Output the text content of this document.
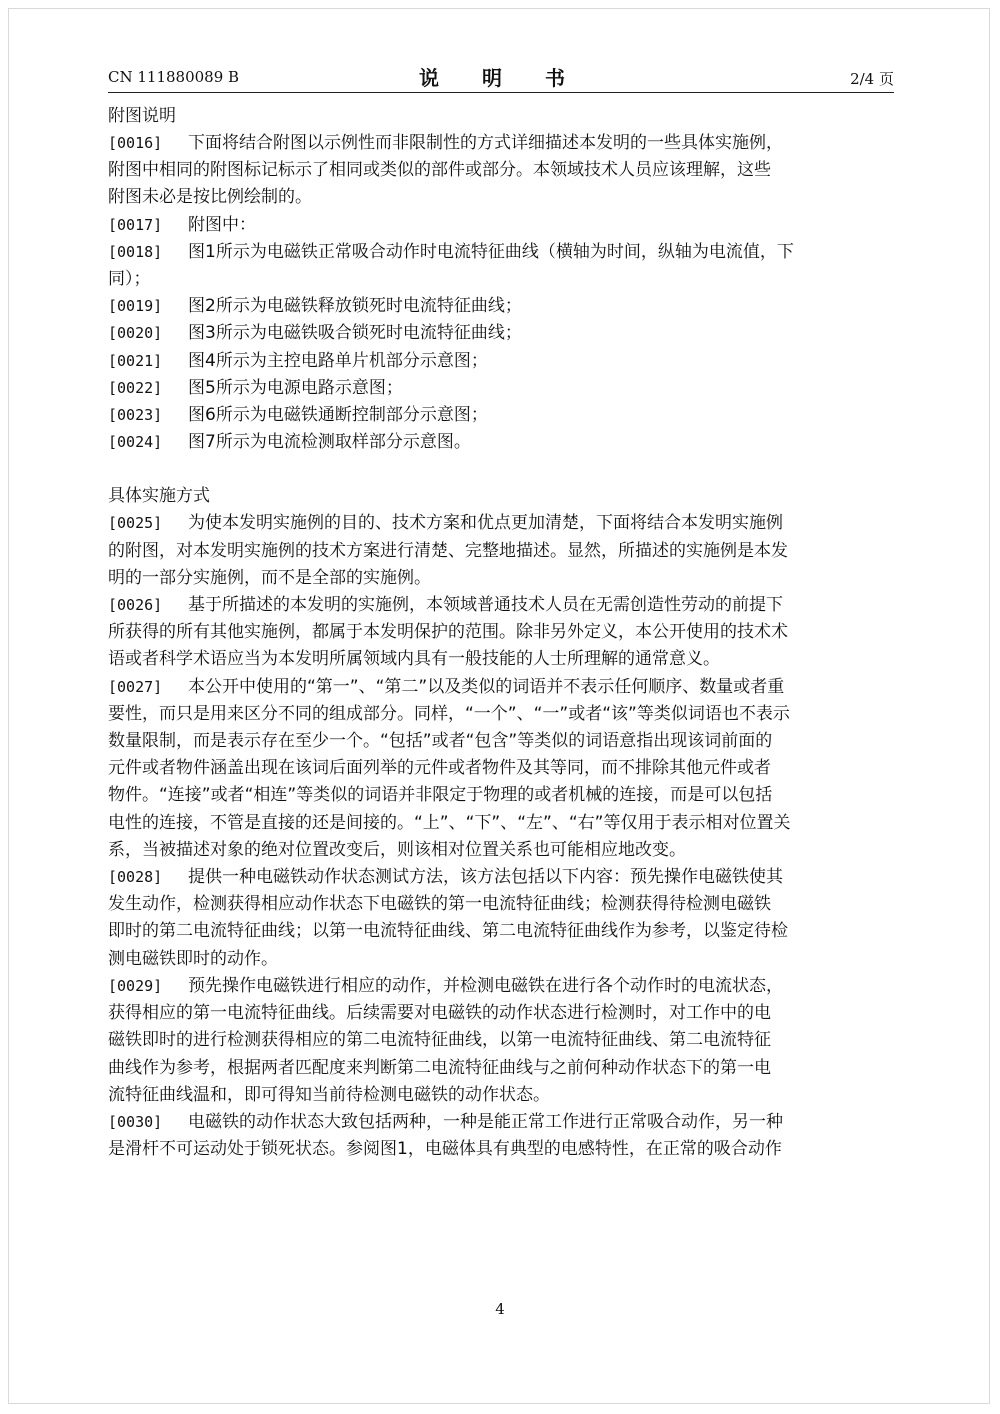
CN 111880089 B	说 明 书	2/4 页
附图说明
[0016]	下面将结合附图以示例性而非限制性的方式详细描述本发明的一些具体实施例，
附图中相同的附图标记标示了相同或类似的部件或部分。本领域技术人员应该理解，这些
附图未必是按比例绘制的。
[0017]	附图中：
[0018]	图1所示为电磁铁正常吸合动作时电流特征曲线（横轴为时间，纵轴为电流值，下
同）；
[0019]	图2所示为电磁铁释放锁死时电流特征曲线；
[0020]	图3所示为电磁铁吸合锁死时电流特征曲线；
[0021]	图4所示为主控电路单片机部分示意图；
[0022]	图5所示为电源电路示意图；
[0023]	图6所示为电磁铁通断控制部分示意图；
[0024]	图7所示为电流检测取样部分示意图。
具体实施方式
[0025]	为使本发明实施例的目的、技术方案和优点更加清楚，下面将结合本发明实施例
的附图，对本发明实施例的技术方案进行清楚、完整地描述。显然，所描述的实施例是本发
明的一部分实施例，而不是全部的实施例。
[0026]	基于所描述的本发明的实施例，本领域普通技术人员在无需创造性劳动的前提下
所获得的所有其他实施例，都属于本发明保护的范围。除非另外定义，本公开使用的技术术
语或者科学术语应当为本发明所属领域内具有一般技能的人士所理解的通常意义。
[0027]	本公开中使用的“第一”、“第二”以及类似的词语并不表示任何顺序、数量或者重
要性，而只是用来区分不同的组成部分。同样，“一个”、“一”或者“该”等类似词语也不表示
数量限制，而是表示存在至少一个。“包括”或者“包含”等类似的词语意指出现该词前面的
元件或者物件涵盖出现在该词后面列举的元件或者物件及其等同，而不排除其他元件或者
物件。“连接”或者“相连”等类似的词语并非限定于物理的或者机械的连接，而是可以包括
电性的连接，不管是直接的还是间接的。“上”、“下”、“左”、“右”等仅用于表示相对位置关
系，当被描述对象的绝对位置改变后，则该相对位置关系也可能相应地改变。
[0028]	提供一种电磁铁动作状态测试方法，该方法包括以下内容：预先操作电磁铁使其
发生动作，检测获得相应动作状态下电磁铁的第一电流特征曲线；检测获得待检测电磁铁
即时的第二电流特征曲线；以第一电流特征曲线、第二电流特征曲线作为参考，以鉴定待检
测电磁铁即时的动作。
[0029]	预先操作电磁铁进行相应的动作，并检测电磁铁在进行各个动作时的电流状态，
获得相应的第一电流特征曲线。后续需要对电磁铁的动作状态进行检测时，对工作中的电
磁铁即时的进行检测获得相应的第二电流特征曲线，以第一电流特征曲线、第二电流特征
曲线作为参考，根据两者匹配度来判断第二电流特征曲线与之前何种动作状态下的第一电
流特征曲线温和，即可得知当前待检测电磁铁的动作状态。
[0030]	电磁铁的动作状态大致包括两种，一种是能正常工作进行正常吸合动作，另一种
是滑杆不可运动处于锁死状态。参阅图1，电磁体具有典型的电感特性，在正常的吸合动作
4
